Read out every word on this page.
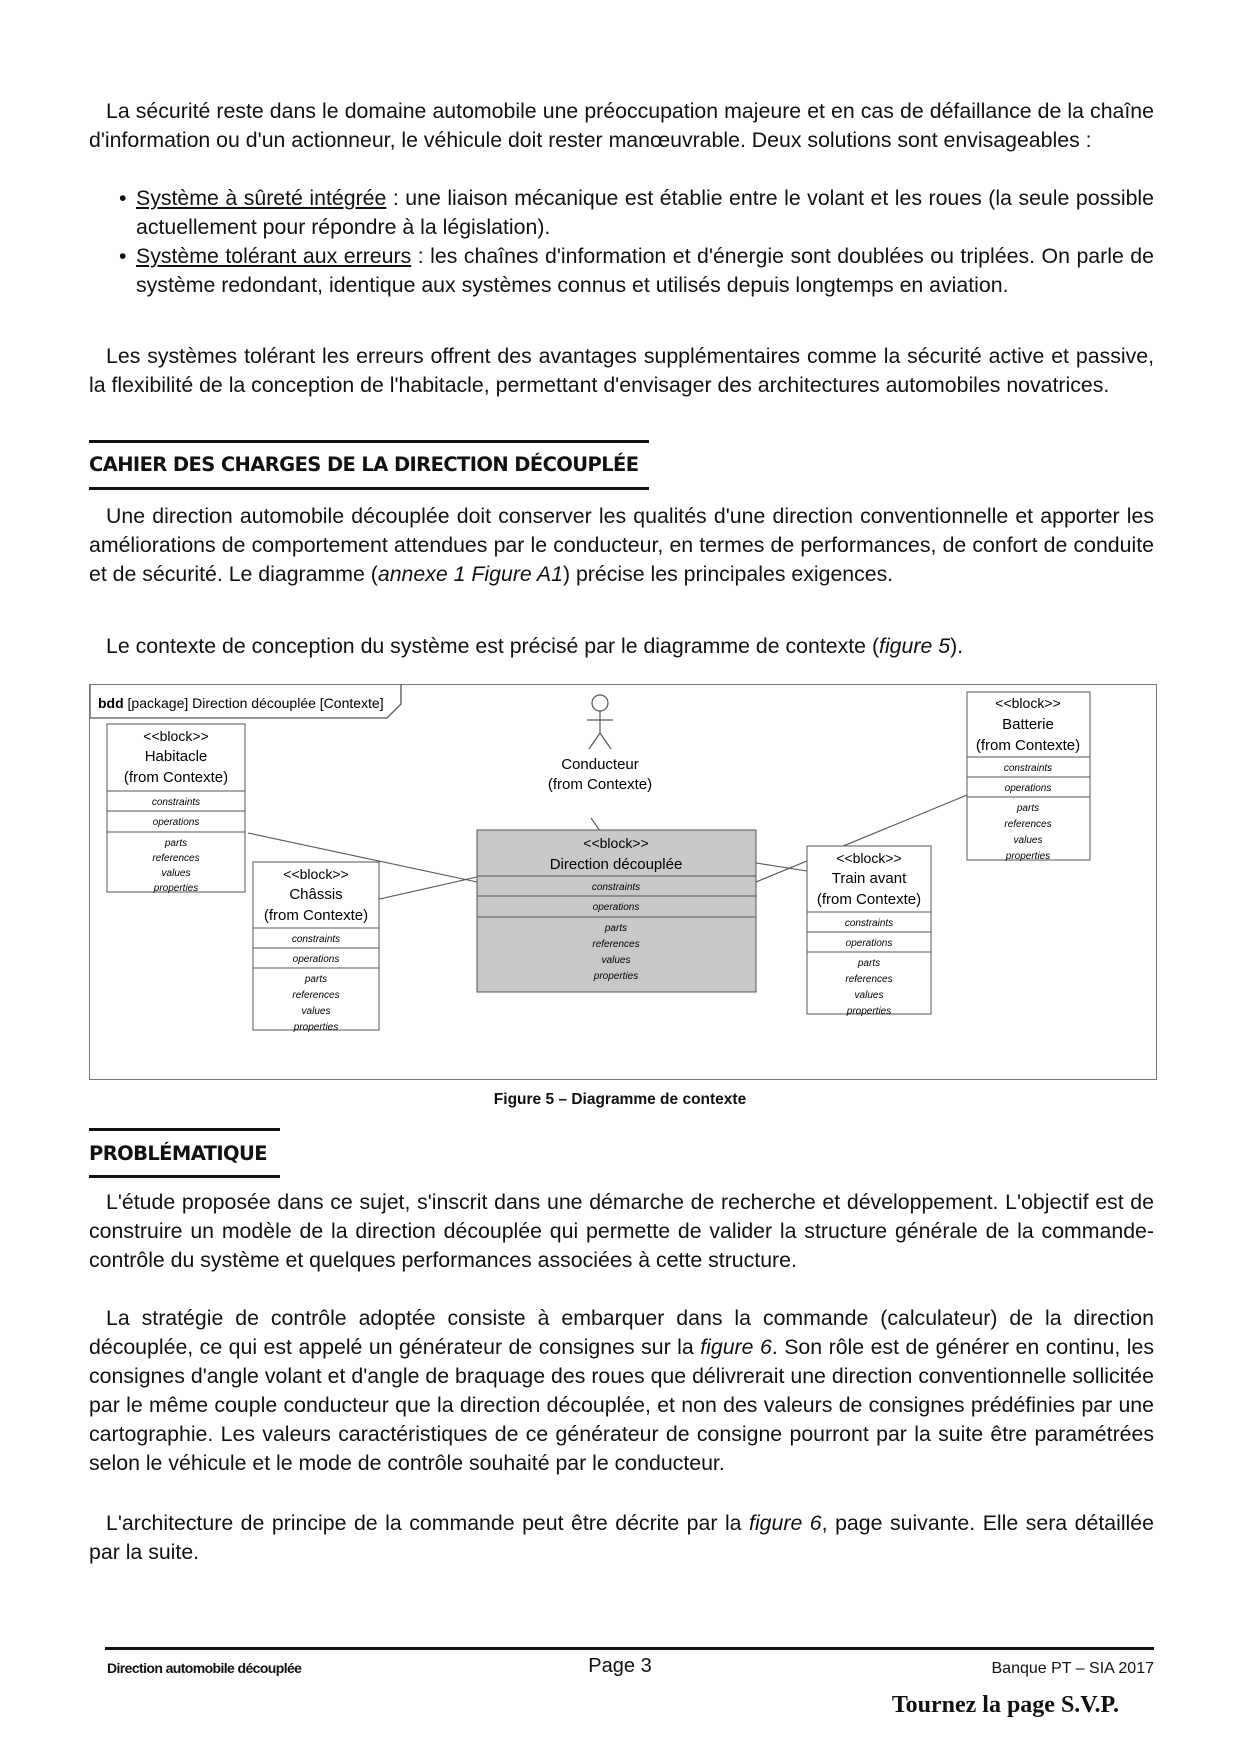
La sécurité reste dans le domaine automobile une préoccupation majeure et en cas de défaillance de la chaîne d'information ou d'un actionneur, le véhicule doit rester manœuvrable. Deux solutions sont envisageables :
• Système à sûreté intégrée : une liaison mécanique est établie entre le volant et les roues (la seule possible actuellement pour répondre à la législation).
• Système tolérant aux erreurs : les chaînes d'information et d'énergie sont doublées ou triplées. On parle de système redondant, identique aux systèmes connus et utilisés depuis longtemps en aviation.
Les systèmes tolérant les erreurs offrent des avantages supplémentaires comme la sécurité active et passive, la flexibilité de la conception de l'habitacle, permettant d'envisager des architectures automobiles novatrices.
CAHIER DES CHARGES DE LA DIRECTION DÉCOUPLÉE
Une direction automobile découplée doit conserver les qualités d'une direction conventionnelle et apporter les améliorations de comportement attendues par le conducteur, en termes de performances, de confort de conduite et de sécurité. Le diagramme (annexe 1 Figure A1) précise les principales exigences.
Le contexte de conception du système est précisé par le diagramme de contexte (figure 5).
bdd [package] Direction découplée [Contexte]
Conducteur
(from Contexte)
<<block>>
Habitacle
(from Contexte)
constraints
operations
parts
references
values
properties
<<block>>
Châssis
(from Contexte)
constraints
operations
parts
references
values
properties
<<block>>
Direction découplée
constraints
operations
parts
references
values
properties
<<block>>
Train avant
(from Contexte)
constraints
operations
parts
references
values
properties
<<block>>
Batterie
(from Contexte)
constraints
operations
parts
references
values
properties
Figure 5 – Diagramme de contexte
PROBLÉMATIQUE
L'étude proposée dans ce sujet, s'inscrit dans une démarche de recherche et développement. L'objectif est de construire un modèle de la direction découplée qui permette de valider la structure générale de la commande-contrôle du système et quelques performances associées à cette structure.
La stratégie de contrôle adoptée consiste à embarquer dans la commande (calculateur) de la direction découplée, ce qui est appelé un générateur de consignes sur la figure 6. Son rôle est de générer en continu, les consignes d'angle volant et d'angle de braquage des roues que délivrerait une direction conventionnelle sollicitée par le même couple conducteur que la direction découplée, et non des valeurs de consignes prédéfinies par une cartographie. Les valeurs caractéristiques de ce générateur de consigne pourront par la suite être paramétrées selon le véhicule et le mode de contrôle souhaité par le conducteur.
L'architecture de principe de la commande peut être décrite par la figure 6, page suivante. Elle sera détaillée par la suite.
Direction automobile découplée	Page 3	Banque PT – SIA 2017
Tournez la page S.V.P.
